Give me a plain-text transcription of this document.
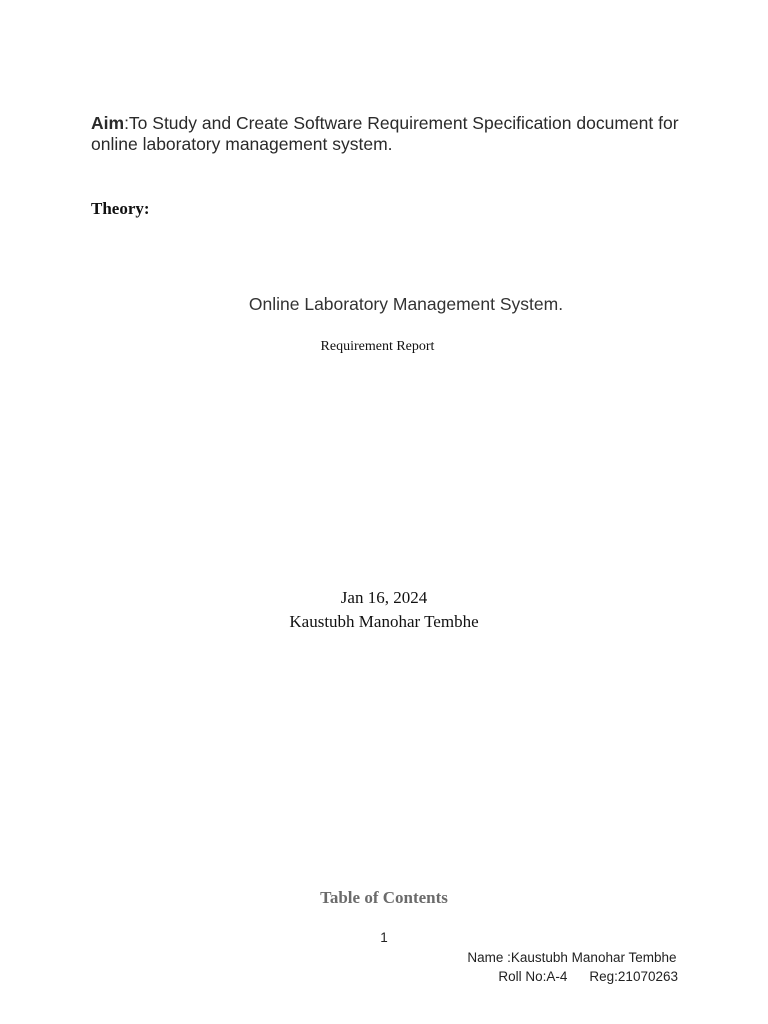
Aim:To Study and Create Software Requirement Specification document for online laboratory management system.
Theory:
Online Laboratory Management System.
Requirement Report
Jan 16, 2024
Kaustubh Manohar Tembhe
Table of Contents
1
Name :Kaustubh Manohar Tembhe
Roll No:A-4 Reg:21070263
